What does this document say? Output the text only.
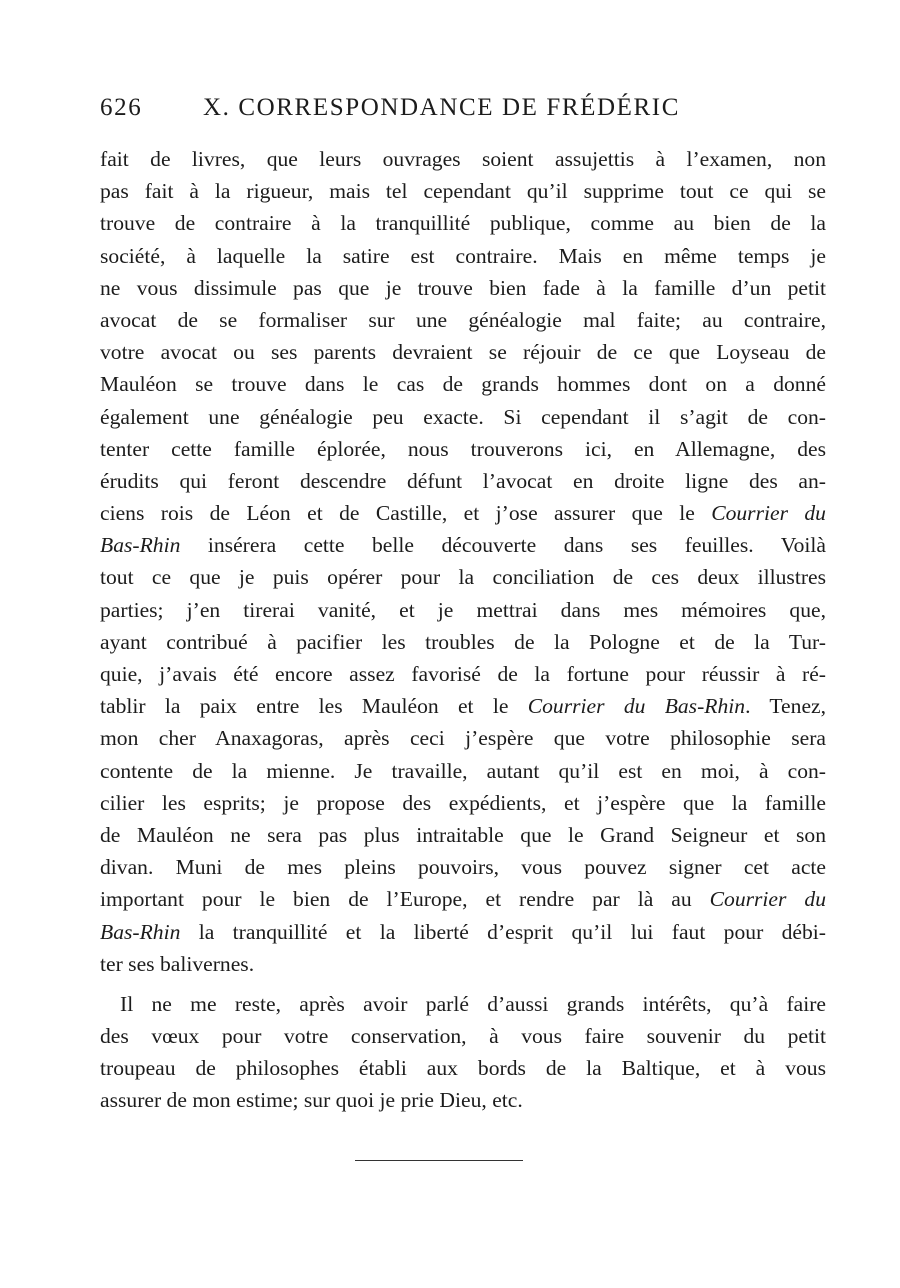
626 X. CORRESPONDANCE DE FRÉDÉRIC
fait de livres, que leurs ouvrages soient assujettis à l’examen, non
pas fait à la rigueur, mais tel cependant qu’il supprime tout ce qui se
trouve de contraire à la tranquillité publique, comme au bien de la
société, à laquelle la satire est contraire. Mais en même temps je
ne vous dissimule pas que je trouve bien fade à la famille d’un petit
avocat de se formaliser sur une généalogie mal faite; au contraire,
votre avocat ou ses parents devraient se réjouir de ce que Loyseau de
Mauléon se trouve dans le cas de grands hommes dont on a donné
également une généalogie peu exacte. Si cependant il s’agit de con-
tenter cette famille éplorée, nous trouverons ici, en Allemagne, des
érudits qui feront descendre défunt l’avocat en droite ligne des an-
ciens rois de Léon et de Castille, et j’ose assurer que le Courrier du
Bas-Rhin insérera cette belle découverte dans ses feuilles. Voilà
tout ce que je puis opérer pour la conciliation de ces deux illustres
parties; j’en tirerai vanité, et je mettrai dans mes mémoires que,
ayant contribué à pacifier les troubles de la Pologne et de la Tur-
quie, j’avais été encore assez favorisé de la fortune pour réussir à ré-
tablir la paix entre les Mauléon et le Courrier du Bas-Rhin. Tenez,
mon cher Anaxagoras, après ceci j’espère que votre philosophie sera
contente de la mienne. Je travaille, autant qu’il est en moi, à con-
cilier les esprits; je propose des expédients, et j’espère que la famille
de Mauléon ne sera pas plus intraitable que le Grand Seigneur et son
divan. Muni de mes pleins pouvoirs, vous pouvez signer cet acte
important pour le bien de l’Europe, et rendre par là au Courrier du
Bas-Rhin la tranquillité et la liberté d’esprit qu’il lui faut pour débi-
ter ses balivernes.
Il ne me reste, après avoir parlé d’aussi grands intérêts, qu’à faire
des vœux pour votre conservation, à vous faire souvenir du petit
troupeau de philosophes établi aux bords de la Baltique, et à vous
assurer de mon estime; sur quoi je prie Dieu, etc.
